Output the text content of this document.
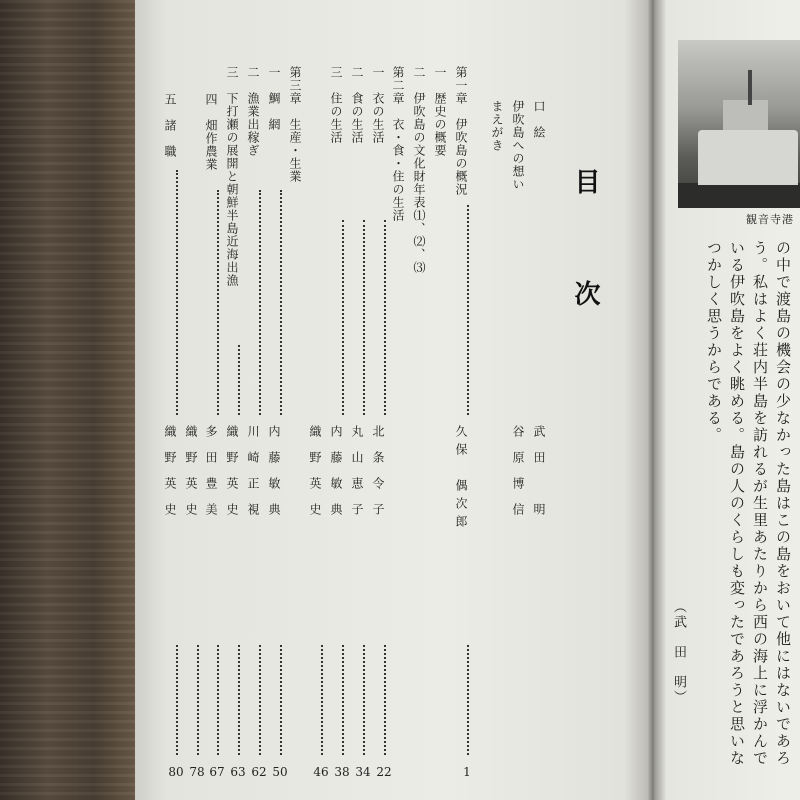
目　次
口　絵
伊吹島への想い
まえがき
第一章　伊吹島の概況
一　歴史の概要
二　伊吹島の文化財年表⑴、⑵、⑶
第二章　衣・食・住の生活
一　衣の生活
二　食の生活
三　住の生活
第三章　生産・生業
一　鯛　網
二　漁業出稼ぎ
三　下打瀬の展開と朝鮮半島近海出漁
四　畑作農業
五　諸　職
武田　明
谷原博信
久保　偶次郎
北条令子
丸山恵子
内藤敏典
織野英史
内藤敏典
川崎正視
織野英史
多田豊美
織野英史
織野英史
1
22
34
38
46
50
62
63
67
78
80
観音寺港
の中で渡島の機会の少なかった島はこの島をおいて他にはないであろ
う。私はよく荘内半島を訪れるが生里あたりから西の海上に浮かんで
いる伊吹島をよく眺める。島の人のくらしも変ったであろうと思いな
つかしく思うからである。
（武　田　明）
